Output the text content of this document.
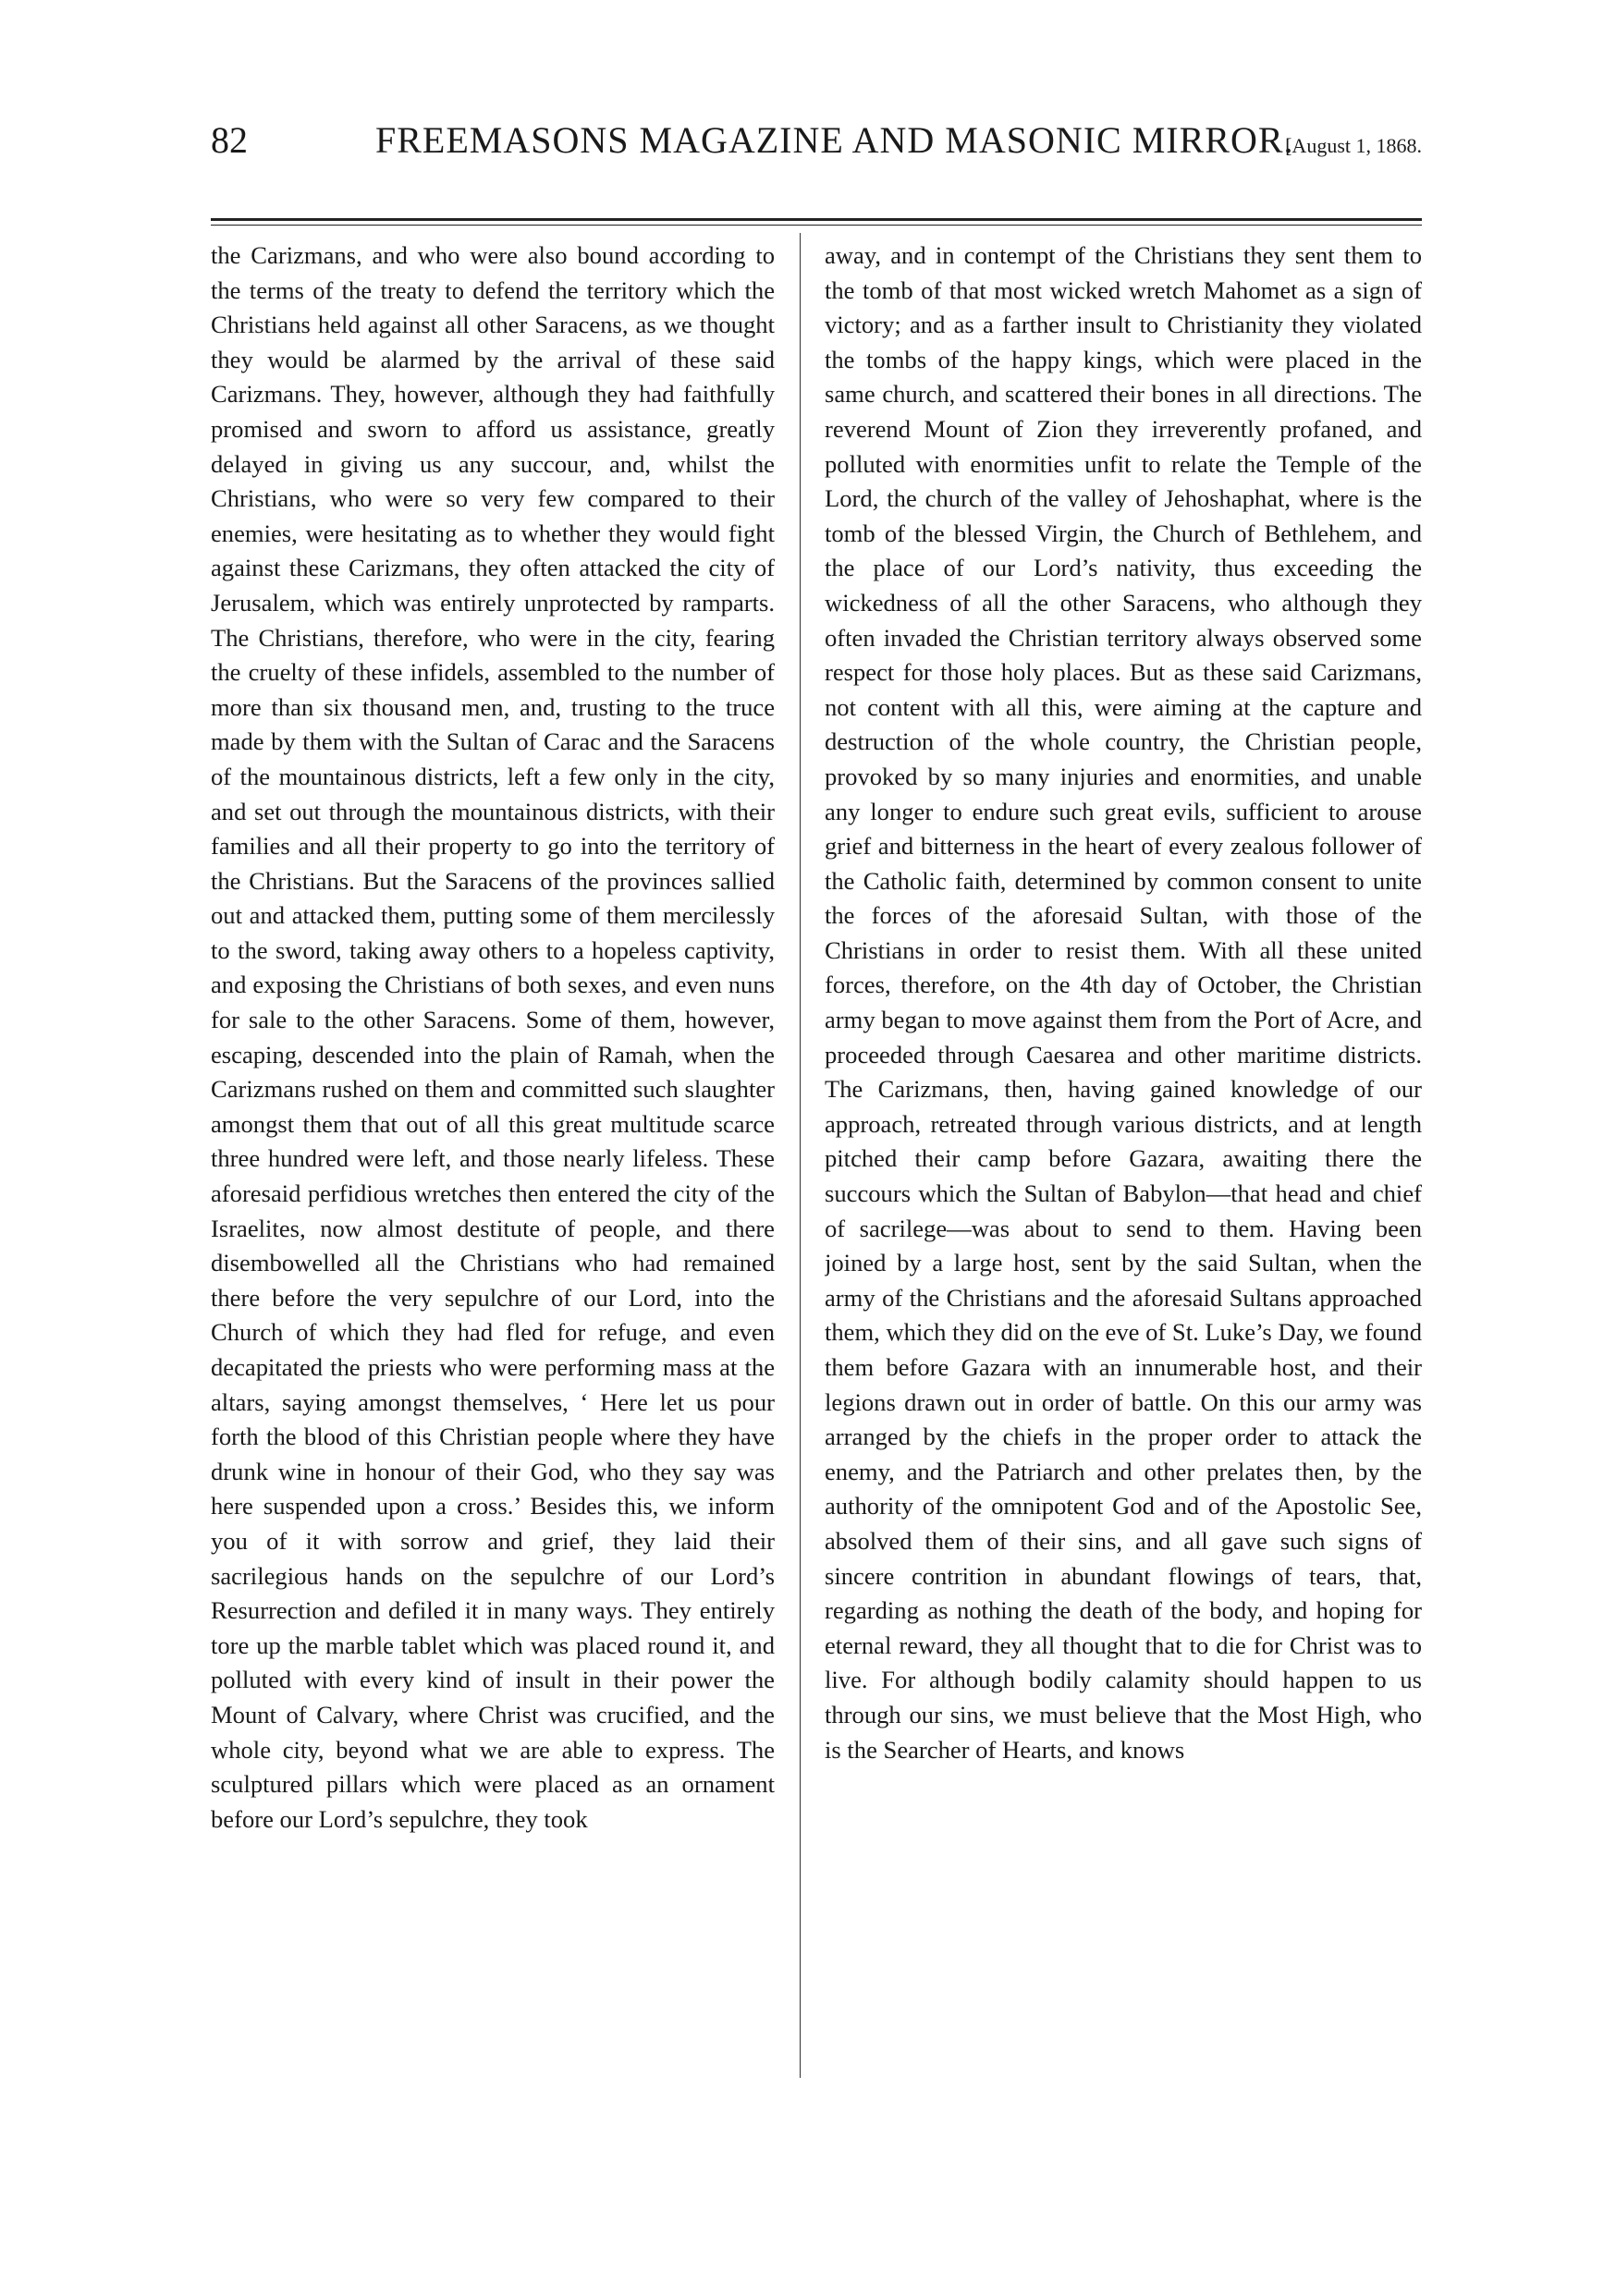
82	FREEMASONS MAGAZINE AND MASONIC MIRROR.
[August 1, 1868.

the Carizmans, and who were also bound according to the terms of the treaty to defend the territory which the Christians held against all other Saracens, as we thought they would be alarmed by the arrival of these said Carizmans. They, however, although they had faithfully promised and sworn to afford us assistance, greatly delayed in giving us any succour, and, whilst the Christians, who were so very few compared to their enemies, were hesitating as to whether they would fight against these Carizmans, they often attacked the city of Jerusalem, which was entirely unprotected by ramparts. The Christians, therefore, who were in the city, fearing the cruelty of these infidels, assembled to the number of more than six thousand men, and, trusting to the truce made by them with the Sultan of Carac and the Saracens of the mountainous districts, left a few only in the city, and set out through the mountainous districts, with their families and all their property to go into the territory of the Christians. But the Saracens of the provinces sallied out and attacked them, putting some of them mercilessly to the sword, taking away others to a hopeless captivity, and exposing the Christians of both sexes, and even nuns for sale to the other Saracens. Some of them, however, escaping, descended into the plain of Ramah, when the Carizmans rushed on them and committed such slaughter amongst them that out of all this great multitude scarce three hundred were left, and those nearly lifeless. These aforesaid perfidious wretches then entered the city of the Israelites, now almost destitute of people, and there disembowelled all the Christians who had remained there before the very sepulchre of our Lord, into the Church of which they had fled for refuge, and even decapitated the priests who were performing mass at the altars, saying amongst themselves, ‘ Here let us pour forth the blood of this Christian people where they have drunk wine in honour of their God, who they say was here suspended upon a cross.’ Besides this, we inform you of it with sorrow and grief, they laid their sacrilegious hands on the sepulchre of our Lord’s Resurrection and defiled it in many ways. They entirely tore up the marble tablet which was placed round it, and polluted with every kind of insult in their power the Mount of Calvary, where Christ was crucified, and the whole city, beyond what we are able to express. The sculptured pillars which were placed as an ornament before our Lord’s sepulchre, they took

away, and in contempt of the Christians they sent them to the tomb of that most wicked wretch Mahomet as a sign of victory; and as a farther insult to Christianity they violated the tombs of the happy kings, which were placed in the same church, and scattered their bones in all directions. The reverend Mount of Zion they irreverently profaned, and polluted with enormities unfit to relate the Temple of the Lord, the church of the valley of Jehoshaphat, where is the tomb of the blessed Virgin, the Church of Bethlehem, and the place of our Lord’s nativity, thus exceeding the wickedness of all the other Saracens, who although they often invaded the Christian territory always observed some respect for those holy places. But as these said Carizmans, not content with all this, were aiming at the capture and destruction of the whole country, the Christian people, provoked by so many injuries and enormities, and unable any longer to endure such great evils, sufficient to arouse grief and bitterness in the heart of every zealous follower of the Catholic faith, determined by common consent to unite the forces of the aforesaid Sultan, with those of the Christians in order to resist them. With all these united forces, therefore, on the 4th day of October, the Christian army began to move against them from the Port of Acre, and proceeded through Caesarea and other maritime districts. The Carizmans, then, having gained knowledge of our approach, retreated through various districts, and at length pitched their camp before Gazara, awaiting there the succours which the Sultan of Babylon—that head and chief of sacrilege—was about to send to them. Having been joined by a large host, sent by the said Sultan, when the army of the Christians and the aforesaid Sultans approached them, which they did on the eve of St. Luke’s Day, we found them before Gazara with an innumerable host, and their legions drawn out in order of battle. On this our army was arranged by the chiefs in the proper order to attack the enemy, and the Patriarch and other prelates then, by the authority of the omnipotent God and of the Apostolic See, absolved them of their sins, and all gave such signs of sincere contrition in abundant flowings of tears, that, regarding as nothing the death of the body, and hoping for eternal reward, they all thought that to die for Christ was to live. For although bodily calamity should happen to us through our sins, we must believe that the Most High, who is the Searcher of Hearts, and knows
